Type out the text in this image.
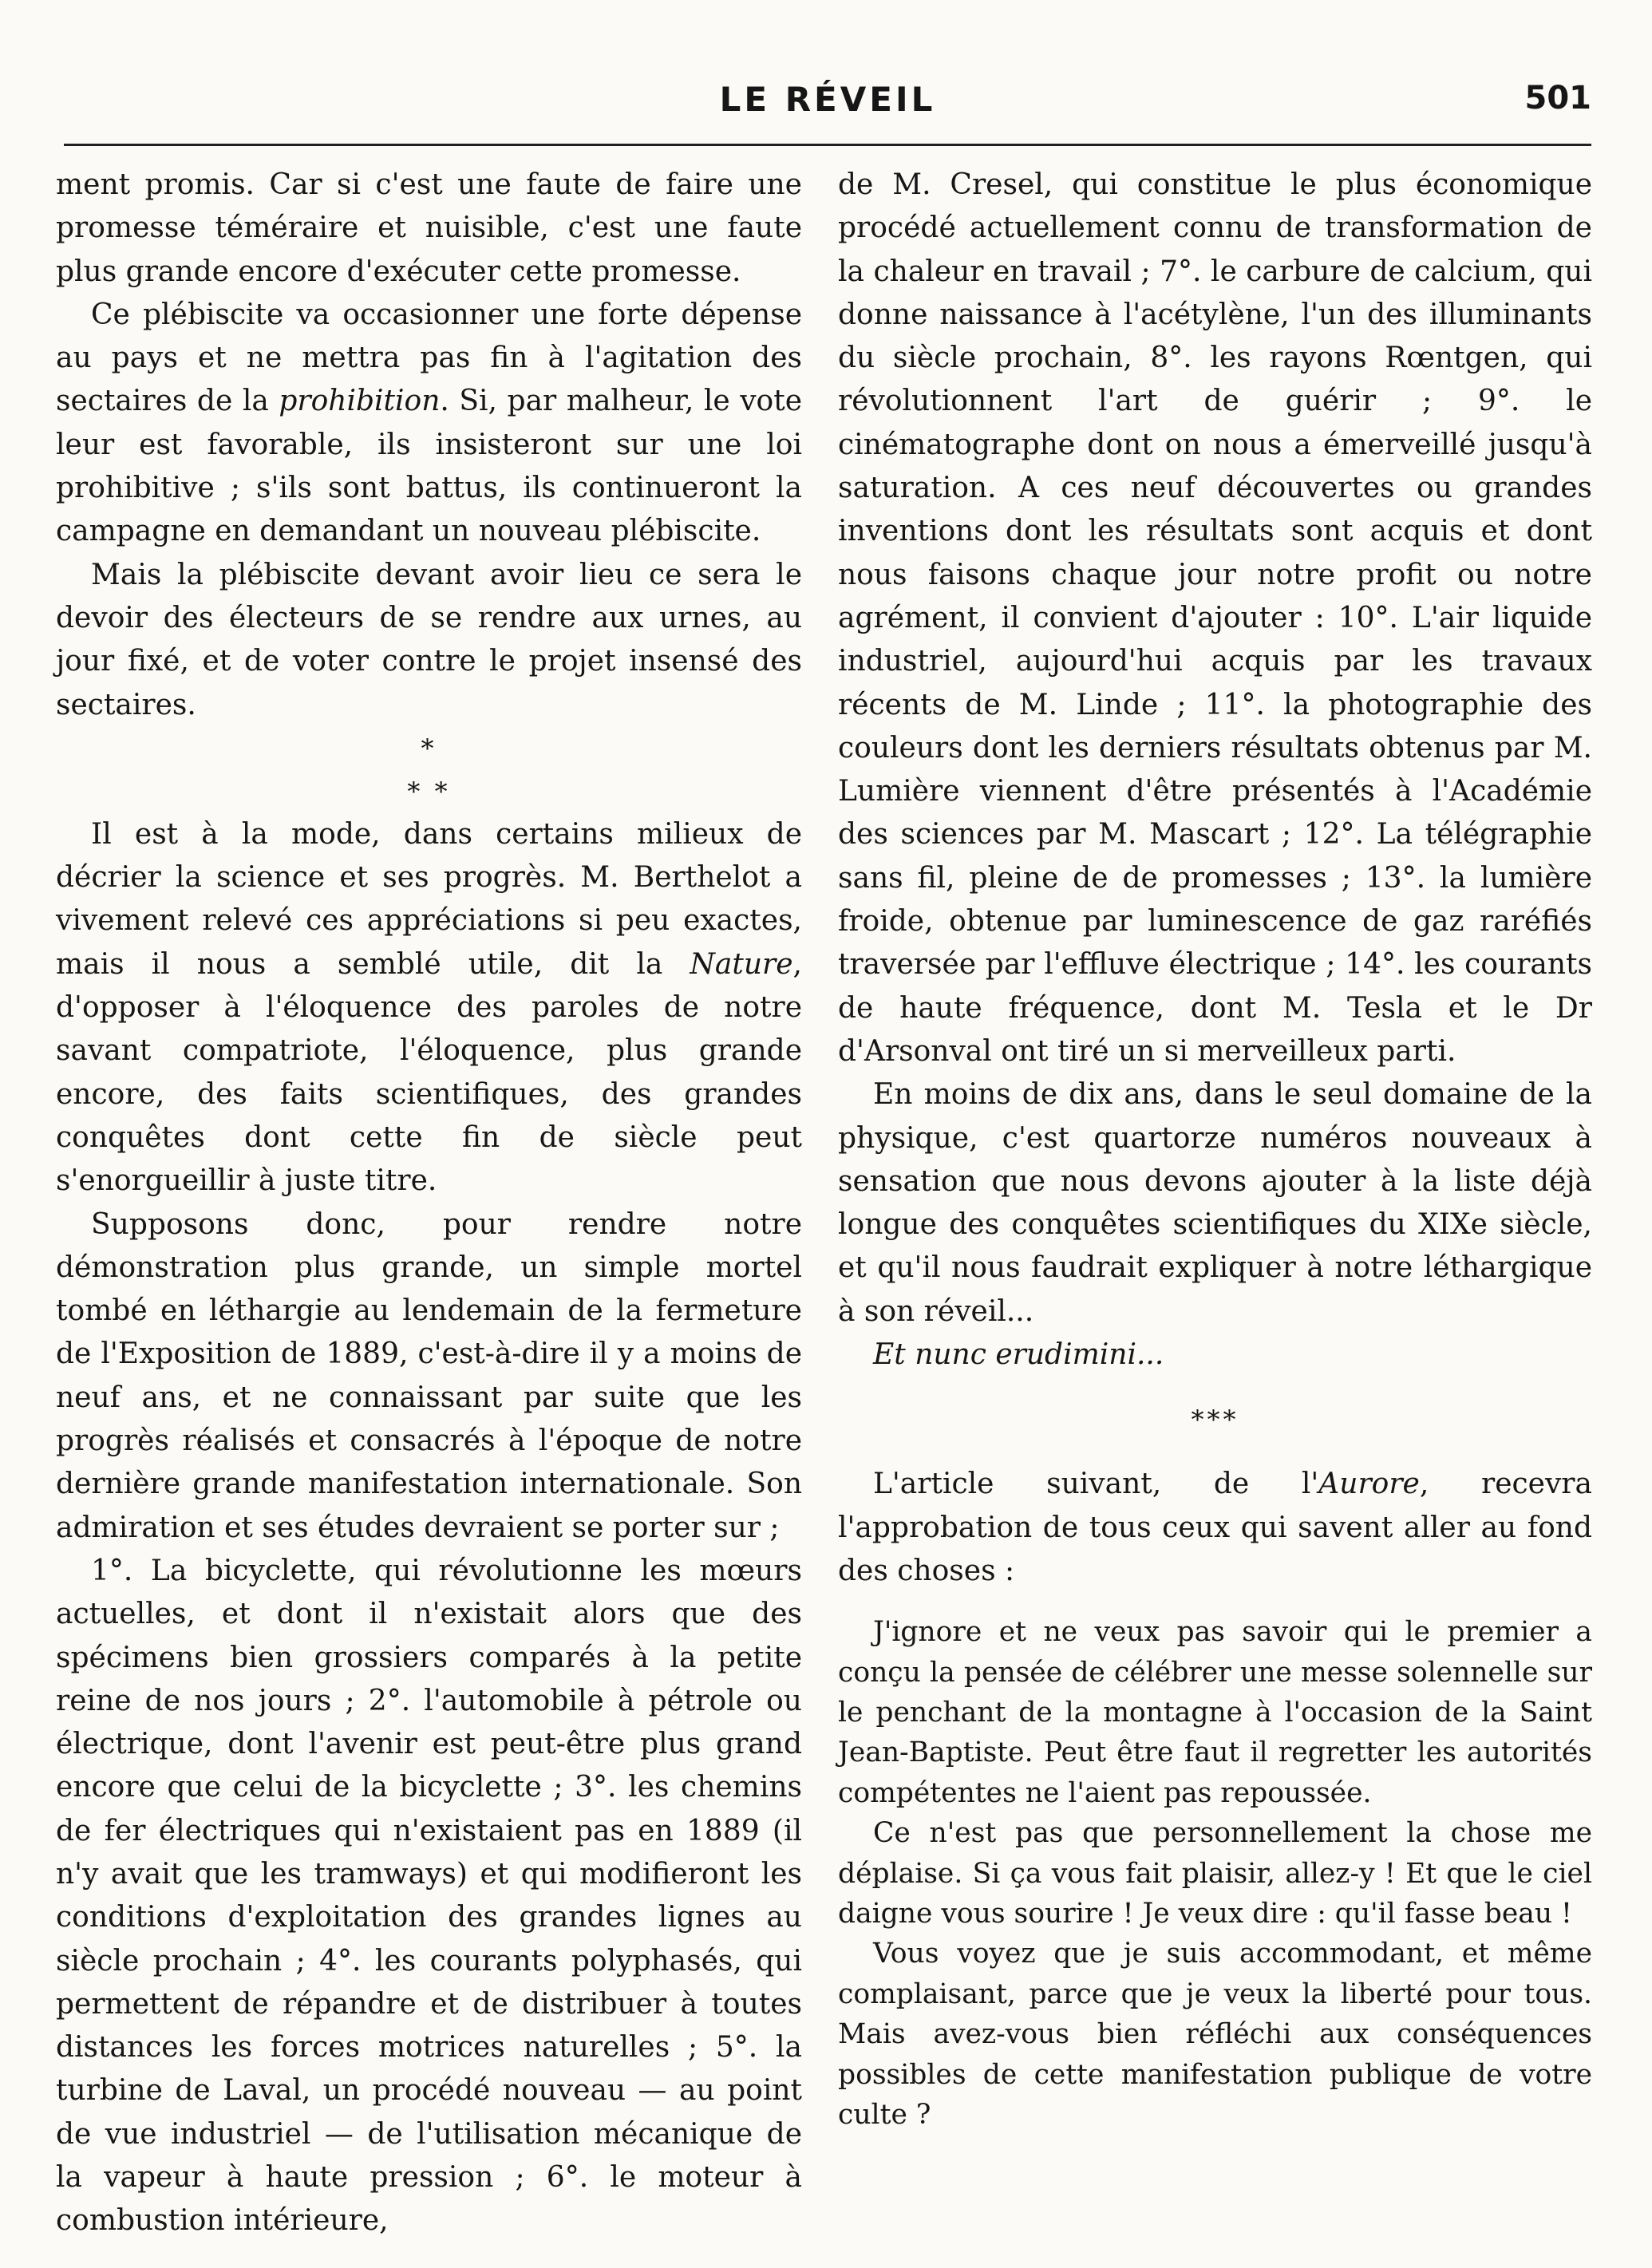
LE RÉVEIL	501

ment promis. Car si c'est une faute de faire une promesse téméraire et nuisible, c'est une faute plus grande encore d'exécuter cette promesse.

Ce plébiscite va occasionner une forte dépense au pays et ne mettra pas fin à l'agitation des sectaires de la prohibition. Si, par malheur, le vote leur est favorable, ils insisteront sur une loi prohibitive ; s'ils sont battus, ils continueront la campagne en demandant un nouveau plébiscite.

Mais la plébiscite devant avoir lieu ce sera le devoir des électeurs de se rendre aux urnes, au jour fixé, et de voter contre le projet insensé des sectaires.

*
* *

Il est à la mode, dans certains milieux de décrier la science et ses progrès. M. Berthelot a vivement relevé ces appréciations si peu exactes, mais il nous a semblé utile, dit la Nature, d'opposer à l'éloquence des paroles de notre savant compatriote, l'éloquence, plus grande encore, des faits scientifiques, des grandes conquêtes dont cette fin de siècle peut s'enorgueillir à juste titre.

Supposons donc, pour rendre notre démonstration plus grande, un simple mortel tombé en léthargie au lendemain de la fermeture de l'Exposition de 1889, c'est-à-dire il y a moins de neuf ans, et ne connaissant par suite que les progrès réalisés et consacrés à l'époque de notre dernière grande manifestation internationale. Son admiration et ses études devraient se porter sur ;

1°. La bicyclette, qui révolutionne les mœurs actuelles, et dont il n'existait alors que des spécimens bien grossiers comparés à la petite reine de nos jours ; 2°. l'automobile à pétrole ou électrique, dont l'avenir est peut-être plus grand encore que celui de la bicyclette ; 3°. les chemins de fer électriques qui n'existaient pas en 1889 (il n'y avait que les tramways) et qui modifieront les conditions d'exploitation des grandes lignes au siècle prochain ; 4°. les courants polyphasés, qui permettent de répandre et de distribuer à toutes distances les forces motrices naturelles ; 5°. la turbine de Laval, un procédé nouveau — au point de vue industriel — de l'utilisation mécanique de la vapeur à haute pression ; 6°. le moteur à combustion intérieure,

de M. Cresel, qui constitue le plus économique procédé actuellement connu de transformation de la chaleur en travail ; 7°. le carbure de calcium, qui donne naissance à l'acétylène, l'un des illuminants du siècle prochain, 8°. les rayons Rœntgen, qui révolutionnent l'art de guérir ; 9°. le cinématographe dont on nous a émerveillé jusqu'à saturation. A ces neuf découvertes ou grandes inventions dont les résultats sont acquis et dont nous faisons chaque jour notre profit ou notre agrément, il convient d'ajouter : 10°. L'air liquide industriel, aujourd'hui acquis par les travaux récents de M. Linde ; 11°. la photographie des couleurs dont les derniers résultats obtenus par M. Lumière viennent d'être présentés à l'Académie des sciences par M. Mascart ; 12°. La télégraphie sans fil, pleine de de promesses ; 13°. la lumière froide, obtenue par luminescence de gaz raréfiés traversée par l'effluve électrique ; 14°. les courants de haute fréquence, dont M. Tesla et le Dr d'Arsonval ont tiré un si merveilleux parti.

En moins de dix ans, dans le seul domaine de la physique, c'est quartorze numéros nouveaux à sensation que nous devons ajouter à la liste déjà longue des conquêtes scientifiques du XIXe siècle, et qu'il nous faudrait expliquer à notre léthargique à son réveil...

Et nunc erudimini...

***

L'article suivant, de l'Aurore, recevra l'approbation de tous ceux qui savent aller au fond des choses :

J'ignore et ne veux pas savoir qui le premier a conçu la pensée de célébrer une messe solennelle sur le penchant de la montagne à l'occasion de la Saint Jean-Baptiste. Peut être faut il regretter les autorités compétentes ne l'aient pas repoussée.

Ce n'est pas que personnellement la chose me déplaise. Si ça vous fait plaisir, allez-y ! Et que le ciel daigne vous sourire ! Je veux dire : qu'il fasse beau !

Vous voyez que je suis accommodant, et même complaisant, parce que je veux la liberté pour tous. Mais avez-vous bien réfléchi aux conséquences possibles de cette manifestation publique de votre culte ?
